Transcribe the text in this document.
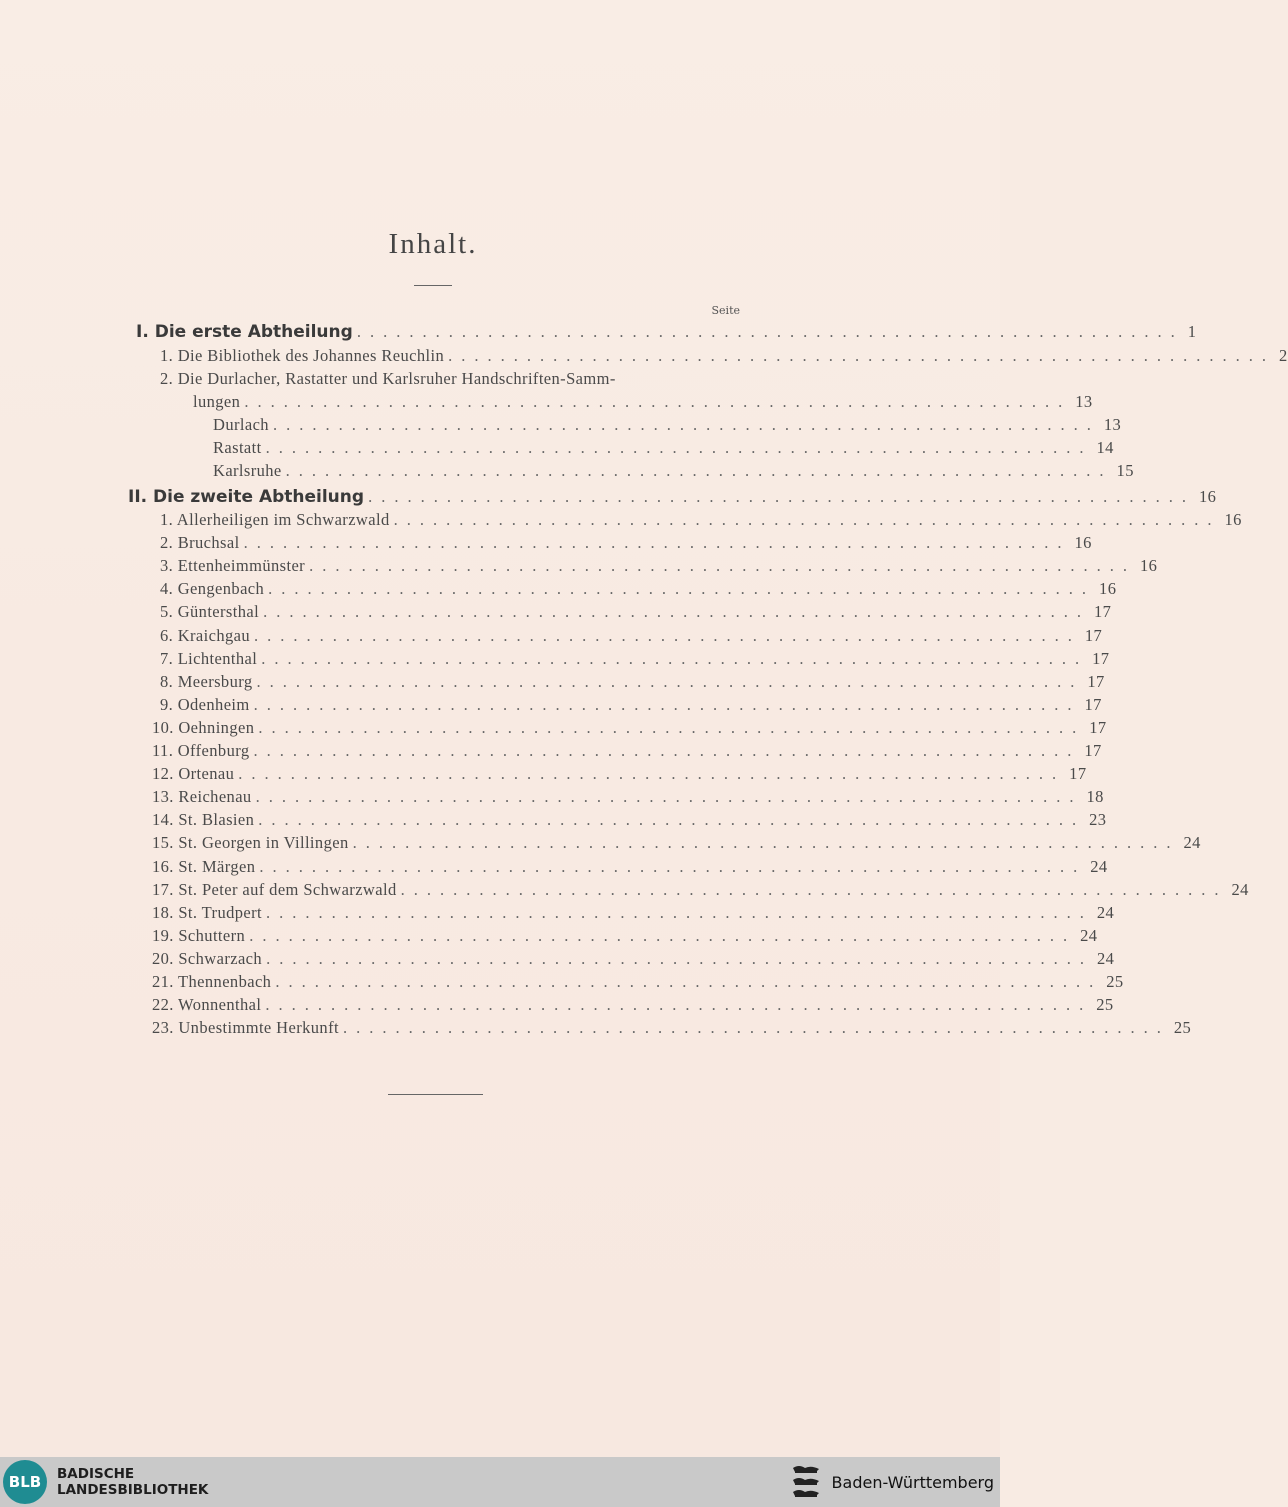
Inhalt.
Seite
I. Die erste Abtheilung ............................................................... 1
1. Die Bibliothek des Johannes Reuchlin ............................................................... 2
2. Die Durlacher, Rastatter und Karlsruher Handschriften-Samm-
lungen ............................................................... 13
Durlach ............................................................... 13
Rastatt ............................................................... 14
Karlsruhe ............................................................... 15
II. Die zweite Abtheilung ............................................................... 16
1. Allerheiligen im Schwarzwald ............................................................... 16
2. Bruchsal ............................................................... 16
3. Ettenheimmünster ............................................................... 16
4. Gengenbach ............................................................... 16
5. Güntersthal ............................................................... 17
6. Kraichgau ............................................................... 17
7. Lichtenthal ............................................................... 17
8. Meersburg ............................................................... 17
9. Odenheim ............................................................... 17
10. Oehningen ............................................................... 17
11. Offenburg ............................................................... 17
12. Ortenau ............................................................... 17
13. Reichenau ............................................................... 18
14. St. Blasien ............................................................... 23
15. St. Georgen in Villingen ............................................................... 24
16. St. Märgen ............................................................... 24
17. St. Peter auf dem Schwarzwald ............................................................... 24
18. St. Trudpert ............................................................... 24
19. Schuttern ............................................................... 24
20. Schwarzach ............................................................... 24
21. Thennenbach ............................................................... 25
22. Wonnenthal ............................................................... 25
23. Unbestimmte Herkunft ............................................................... 25
BLB	BADISCHE
LANDESBIBLIOTHEK	Baden-Württemberg
